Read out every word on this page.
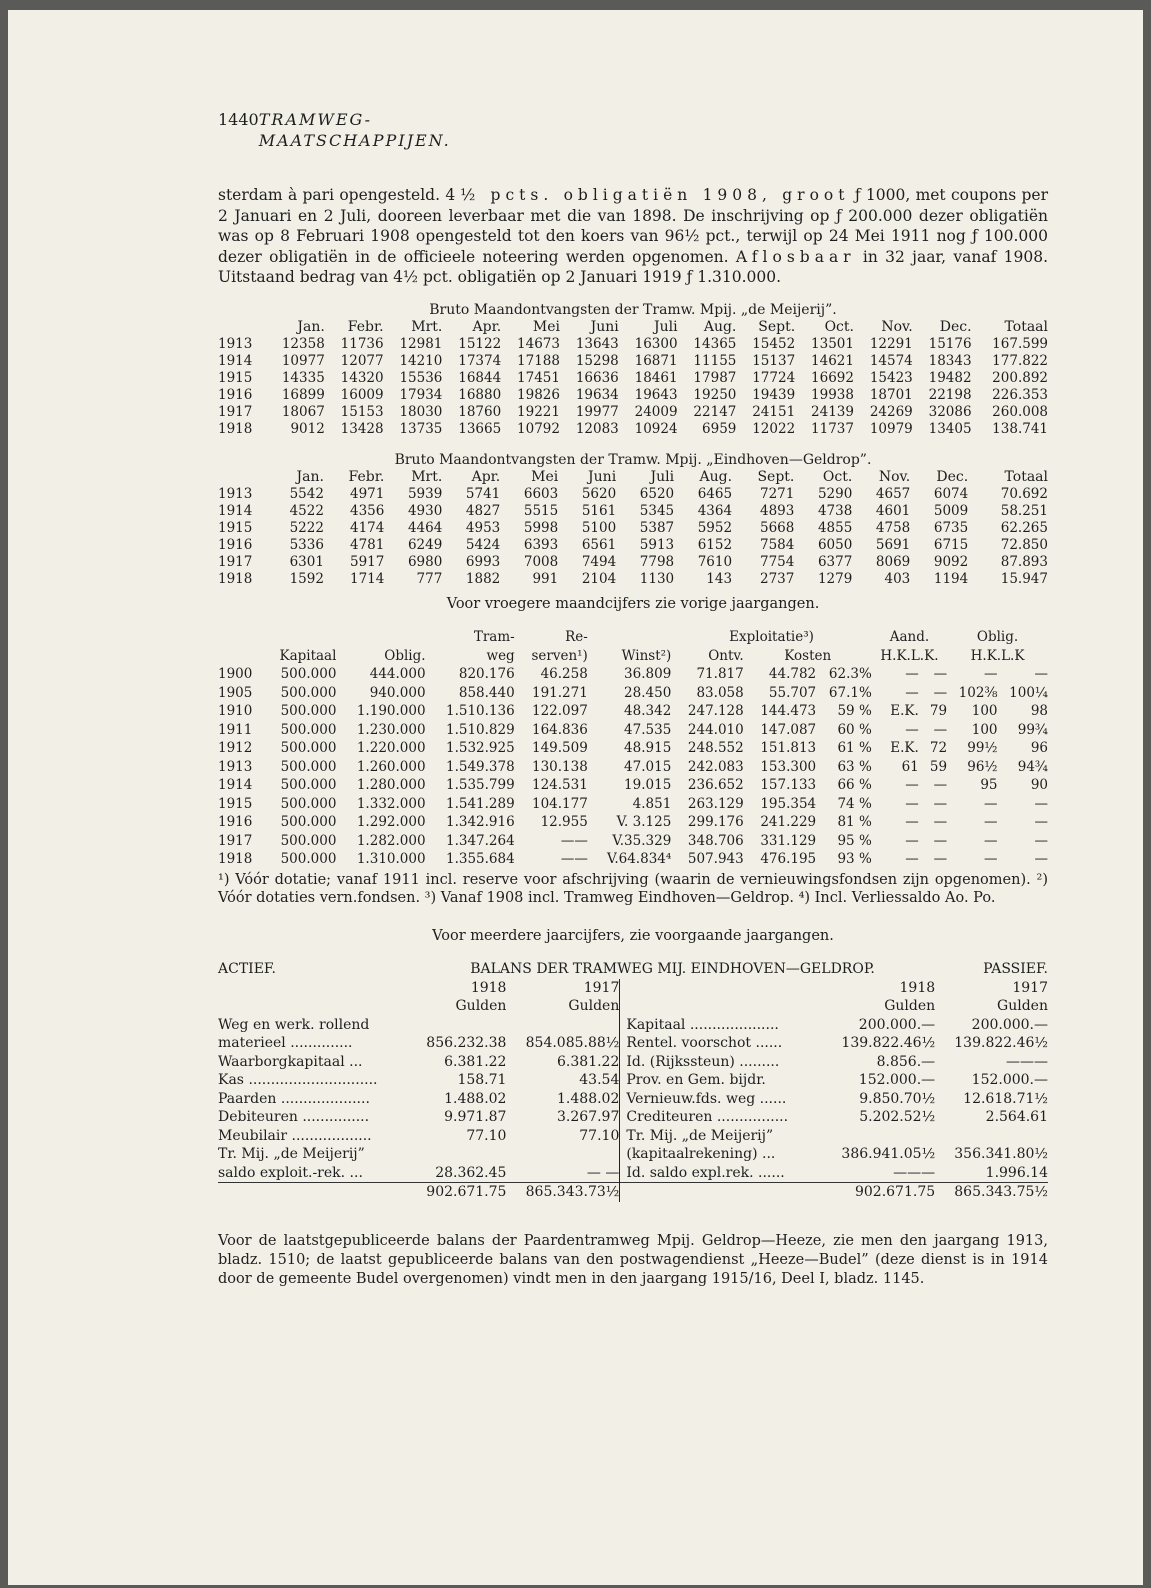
1440 TRAMWEG-MAATSCHAPPIJEN.

sterdam à pari opengesteld. 4½ pcts. obligatiën 1908, groot ƒ 1000, met coupons per 2 Januari en 2 Juli, dooreen leverbaar met die van 1898. De inschrijving op ƒ 200.000 dezer obligatiën was op 8 Februari 1908 opengesteld tot den koers van 96½ pct., terwijl op 24 Mei 1911 nog ƒ 100.000 dezer obligatiën in de officieele noteering werden opgenomen. Aflosbaar in 32 jaar, vanaf 1908. Uitstaand bedrag van 4½ pct. obligatiën op 2 Januari 1919 ƒ 1.310.000.

Bruto Maandontvangsten der Tramw. Mpij. „de Meijerij”.													
	Jan.	Febr.	Mrt.	Apr.	Mei	Juni	Juli	Aug.	Sept.	Oct.	Nov.	Dec.	Totaal
1913	12358	11736	12981	15122	14673	13643	16300	14365	15452	13501	12291	15176	167.599
1914	10977	12077	14210	17374	17188	15298	16871	11155	15137	14621	14574	18343	177.822
1915	14335	14320	15536	16844	17451	16636	18461	17987	17724	16692	15423	19482	200.892
1916	16899	16009	17934	16880	19826	19634	19643	19250	19439	19938	18701	22198	226.353
1917	18067	15153	18030	18760	19221	19977	24009	22147	24151	24139	24269	32086	260.008
1918	9012	13428	13735	13665	10792	12083	10924	6959	12022	11737	10979	13405	138.741
Bruto Maandontvangsten der Tramw. Mpij. „Eindhoven—Geldrop”.													
	Jan.	Febr.	Mrt.	Apr.	Mei	Juni	Juli	Aug.	Sept.	Oct.	Nov.	Dec.	Totaal
1913	5542	4971	5939	5741	6603	5620	6520	6465	7271	5290	4657	6074	70.692
1914	4522	4356	4930	4827	5515	5161	5345	4364	4893	4738	4601	5009	58.251
1915	5222	4174	4464	4953	5998	5100	5387	5952	5668	4855	4758	6735	62.265
1916	5336	4781	6249	5424	6393	6561	5913	6152	7584	6050	5691	6715	72.850
1917	6301	5917	6980	6993	7008	7494	7798	7610	7754	6377	8069	9092	87.893
1918	1592	1714	777	1882	991	2104	1130	143	2737	1279	403	1194	15.947
Voor vroegere maandcijfers zie vorige jaargangen.
			Tram-	Re-		Exploitatie³)			Aand.		Oblig.	
	Kapitaal	Oblig.	weg	serven¹)	Winst²)	Ontv.	Kosten		H.K.L.K.		H.K.L.K	
1900	500.000	444.000	820.176	46.258	36.809	71.817	44.782	62.3%	—	—	—	—
1905	500.000	940.000	858.440	191.271	28.450	83.058	55.707	67.1%	—	—	102⅜	100¼
1910	500.000	1.190.000	1.510.136	122.097	48.342	247.128	144.473	59 %	E.K.	79	100	98
1911	500.000	1.230.000	1.510.829	164.836	47.535	244.010	147.087	60 %	—	—	100	99¾
1912	500.000	1.220.000	1.532.925	149.509	48.915	248.552	151.813	61 %	E.K.	72	99½	96
1913	500.000	1.260.000	1.549.378	130.138	47.015	242.083	153.300	63 %	61	59	96½	94¾
1914	500.000	1.280.000	1.535.799	124.531	19.015	236.652	157.133	66 %	—	—	95	90
1915	500.000	1.332.000	1.541.289	104.177	4.851	263.129	195.354	74 %	—	—	—	—
1916	500.000	1.292.000	1.342.916	12.955	V. 3.125	299.176	241.229	81 %	—	—	—	—
1917	500.000	1.282.000	1.347.264	——	V.35.329	348.706	331.129	95 %	—	—	—	—
1918	500.000	1.310.000	1.355.684	——	V.64.834⁴	507.943	476.195	93 %	—	—	—	—

¹) Vóór dotatie; vanaf 1911 incl. reserve voor afschrijving (waarin de vernieuwingsfondsen zijn opgenomen). ²) Vóór dotaties vern.fondsen. ³) Vanaf 1908 incl. Tramweg Eindhoven—Geldrop. ⁴) Incl. Verliessaldo Ao. Po.

Voor meerdere jaarcijfers, zie voorgaande jaargangen.
ACTIEF.	BALANS DER TRAMWEG MIJ. EINDHOVEN—GELDROP.				PASSIEF.
	1918	1917		1918	1917
	Gulden	Gulden		Gulden	Gulden
Weg en werk. rollend			Kapitaal ....................	200.000.—	200.000.—
materieel ..............	856.232.38	854.085.88½	Rentel. voorschot ......	139.822.46½	139.822.46½
Waarborgkapitaal ...	6.381.22	6.381.22	Id. (Rijkssteun) .........	8.856.—	———
Kas .............................	158.71	43.54	Prov. en Gem. bijdr.	152.000.—	152.000.—
Paarden ....................	1.488.02	1.488.02	Vernieuw.fds. weg ......	9.850.70½	12.618.71½
Debiteuren ...............	9.971.87	3.267.97	Crediteuren ................	5.202.52½	2.564.61
Meubilair ..................	77.10	77.10	Tr. Mij. „de Meijerij”		
Tr. Mij. „de Meijerij”			(kapitaalrekening) ...	386.941.05½	356.341.80½
saldo exploit.-rek. ...	28.362.45	— —	Id. saldo expl.rek. ......	———	1.996.14
	902.671.75	865.343.73½		902.671.75	865.343.75½

Voor de laatstgepubliceerde balans der Paardentramweg Mpij. Geldrop—Heeze, zie men den jaargang 1913, bladz. 1510; de laatst gepubliceerde balans van den postwagendienst „Heeze—Budel” (deze dienst is in 1914 door de gemeente Budel overgenomen) vindt men in den jaargang 1915/16, Deel I, bladz. 1145.
